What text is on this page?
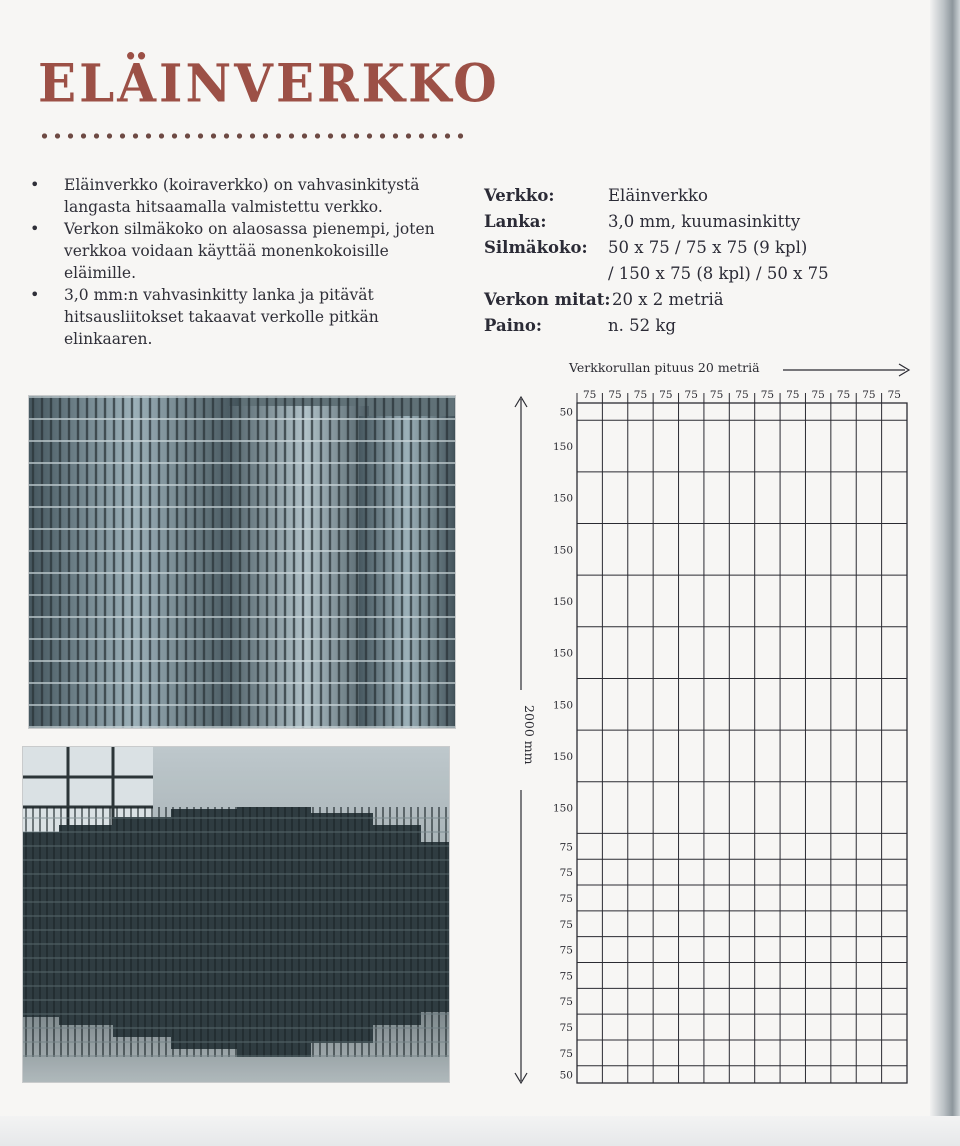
ELÄINVERKKO
• Eläinverkko (koiraverkko) on vahvasinkitystä langasta hitsaamalla valmistettu verkko.
• Verkon silmäkoko on alaosassa pienempi, joten verkkoa voidaan käyttää monenkokoisille eläimille.
• 3,0 mm:n vahvasinkitty lanka ja pitävät hitsausliitokset takaavat verkolle pitkän elinkaaren.
Verkko:	Eläinverkko
Lanka:	3,0 mm, kuumasinkitty
Silmäkoko: 50 x 75 / 75 x 75 (9 kpl)
/ 150 x 75 (8 kpl) / 50 x 75
Verkon mitat: 20 x 2 metriä
Paino:	n. 52 kg
Verkkorullan pituus 20 metriä
2000 mm
75 75 75 75 75 75 75 75 75 75 75 75 75
50
150
150
150
150
150
150
150
150
75
75
75
75
75
75
75
75
75
50
